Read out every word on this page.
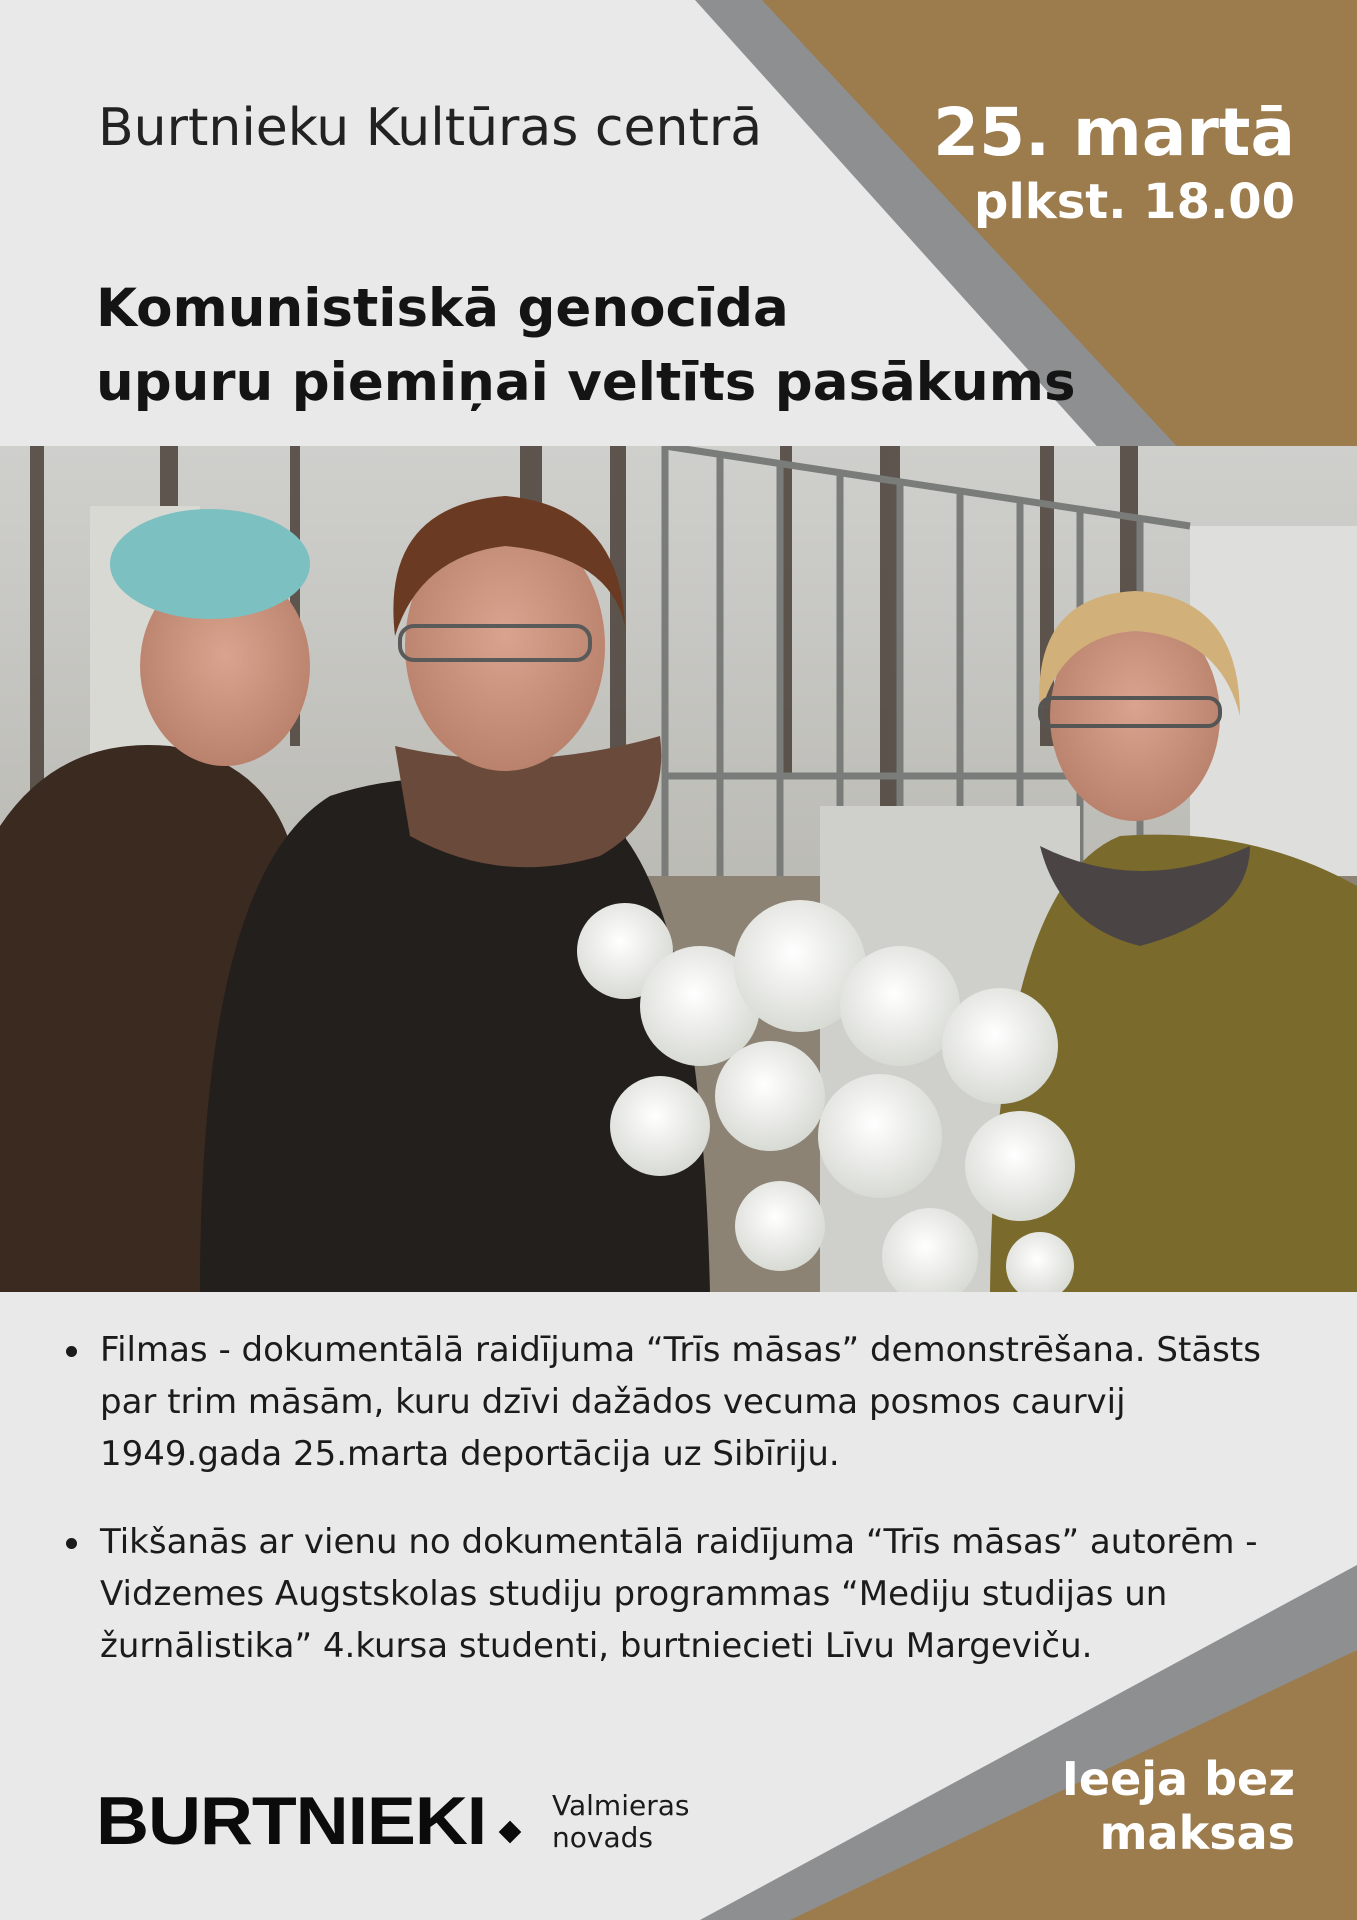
Burtnieku Kultūras centrā	25. martā
plkst. 18.00
Komunistiskā genocīda
upuru piemiņai veltīts pasākums
Filmas - dokumentālā raidījuma “Trīs māsas” demonstrēšana. Stāsts
par trim māsām, kuru dzīvi dažādos vecuma posmos caurvij
1949.gada 25.marta deportācija uz Sibīriju.
Tikšanās ar vienu no dokumentālā raidījuma “Trīs māsas” autorēm -
Vidzemes Augstskolas studiju programmas “Mediju studijas un
žurnālistika” 4.kursa studenti, burtniecieti Līvu Margeviču.
BURTNIEKI Valmieras
novads
Ieeja bez
maksas
